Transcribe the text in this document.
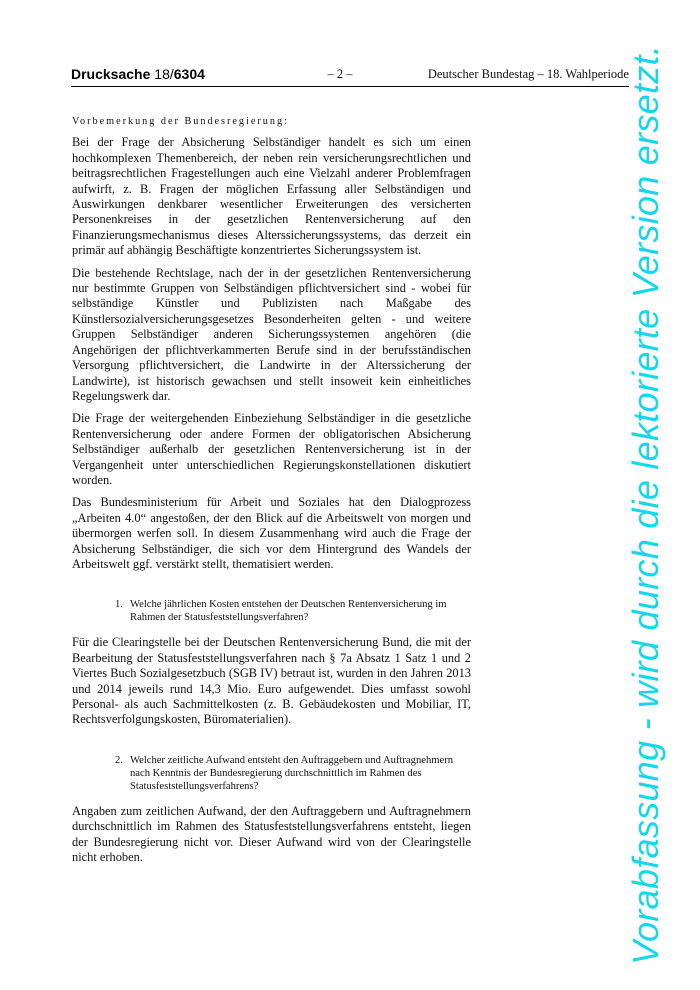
Drucksache 18/6304	– 2 –	Deutscher Bundestag – 18. Wahlperiode

Vorbemerkung der Bundesregierung:

Bei der Frage der Absicherung Selbständiger handelt es sich um einen hochkomplexen Themenbereich, der neben rein versicherungsrechtlichen und beitragsrechtlichen Fragestellungen auch eine Vielzahl anderer Problemfragen aufwirft, z. B. Fragen der möglichen Erfassung aller Selbständigen und Auswirkungen denkbarer wesentlicher Erweiterungen des versicherten Personenkreises in der gesetzlichen Rentenversicherung auf den Finanzierungsmechanismus dieses Alterssicherungssystems, das derzeit ein primär auf abhängig Beschäftigte konzentriertes Sicherungssystem ist.

Die bestehende Rechtslage, nach der in der gesetzlichen Rentenversicherung nur bestimmte Gruppen von Selbständigen pflichtversichert sind - wobei für selbständige Künstler und Publizisten nach Maßgabe des Künstlersozialversicherungsgesetzes Besonderheiten gelten - und weitere Gruppen Selbständiger anderen Sicherungssystemen angehören (die Angehörigen der pflichtverkammerten Berufe sind in der berufsständischen Versorgung pflichtversichert, die Landwirte in der Alterssicherung der Landwirte), ist historisch gewachsen und stellt insoweit kein einheitliches Regelungswerk dar.

Die Frage der weitergehenden Einbeziehung Selbständiger in die gesetzliche Rentenversicherung oder andere Formen der obligatorischen Absicherung Selbständiger außerhalb der gesetzlichen Rentenversicherung ist in der Vergangenheit unter unterschiedlichen Regierungskonstellationen diskutiert worden.

Das Bundesministerium für Arbeit und Soziales hat den Dialogprozess „Arbeiten 4.0“ angestoßen, der den Blick auf die Arbeitswelt von morgen und übermorgen werfen soll. In diesem Zusammenhang wird auch die Frage der Absicherung Selbständiger, die sich vor dem Hintergrund des Wandels der Arbeitswelt ggf. verstärkt stellt, thematisiert werden.

1. Welche jährlichen Kosten entstehen der Deutschen Rentenversicherung im Rahmen der Statusfeststellungsverfahren?

Für die Clearingstelle bei der Deutschen Rentenversicherung Bund, die mit der Bearbeitung der Statusfeststellungsverfahren nach § 7a Absatz 1 Satz 1 und 2 Viertes Buch Sozialgesetzbuch (SGB IV) betraut ist, wurden in den Jahren 2013 und 2014 jeweils rund 14,3 Mio. Euro aufgewendet. Dies umfasst sowohl Personal- als auch Sachmittelkosten (z. B. Gebäudekosten und Mobiliar, IT, Rechtsverfolgungskosten, Büromaterialien).

2. Welcher zeitliche Aufwand entsteht den Auftraggebern und Auftragnehmern nach Kenntnis der Bundesregierung durchschnittlich im Rahmen des Statusfeststellungsverfahrens?

Angaben zum zeitlichen Aufwand, der den Auftraggebern und Auftragnehmern durchschnittlich im Rahmen des Statusfeststellungsverfahrens entsteht, liegen der Bundesregierung nicht vor. Dieser Aufwand wird von der Clearingstelle nicht erhoben.	Vorabfassung - wird durch die lektorierte Version ersetzt.
